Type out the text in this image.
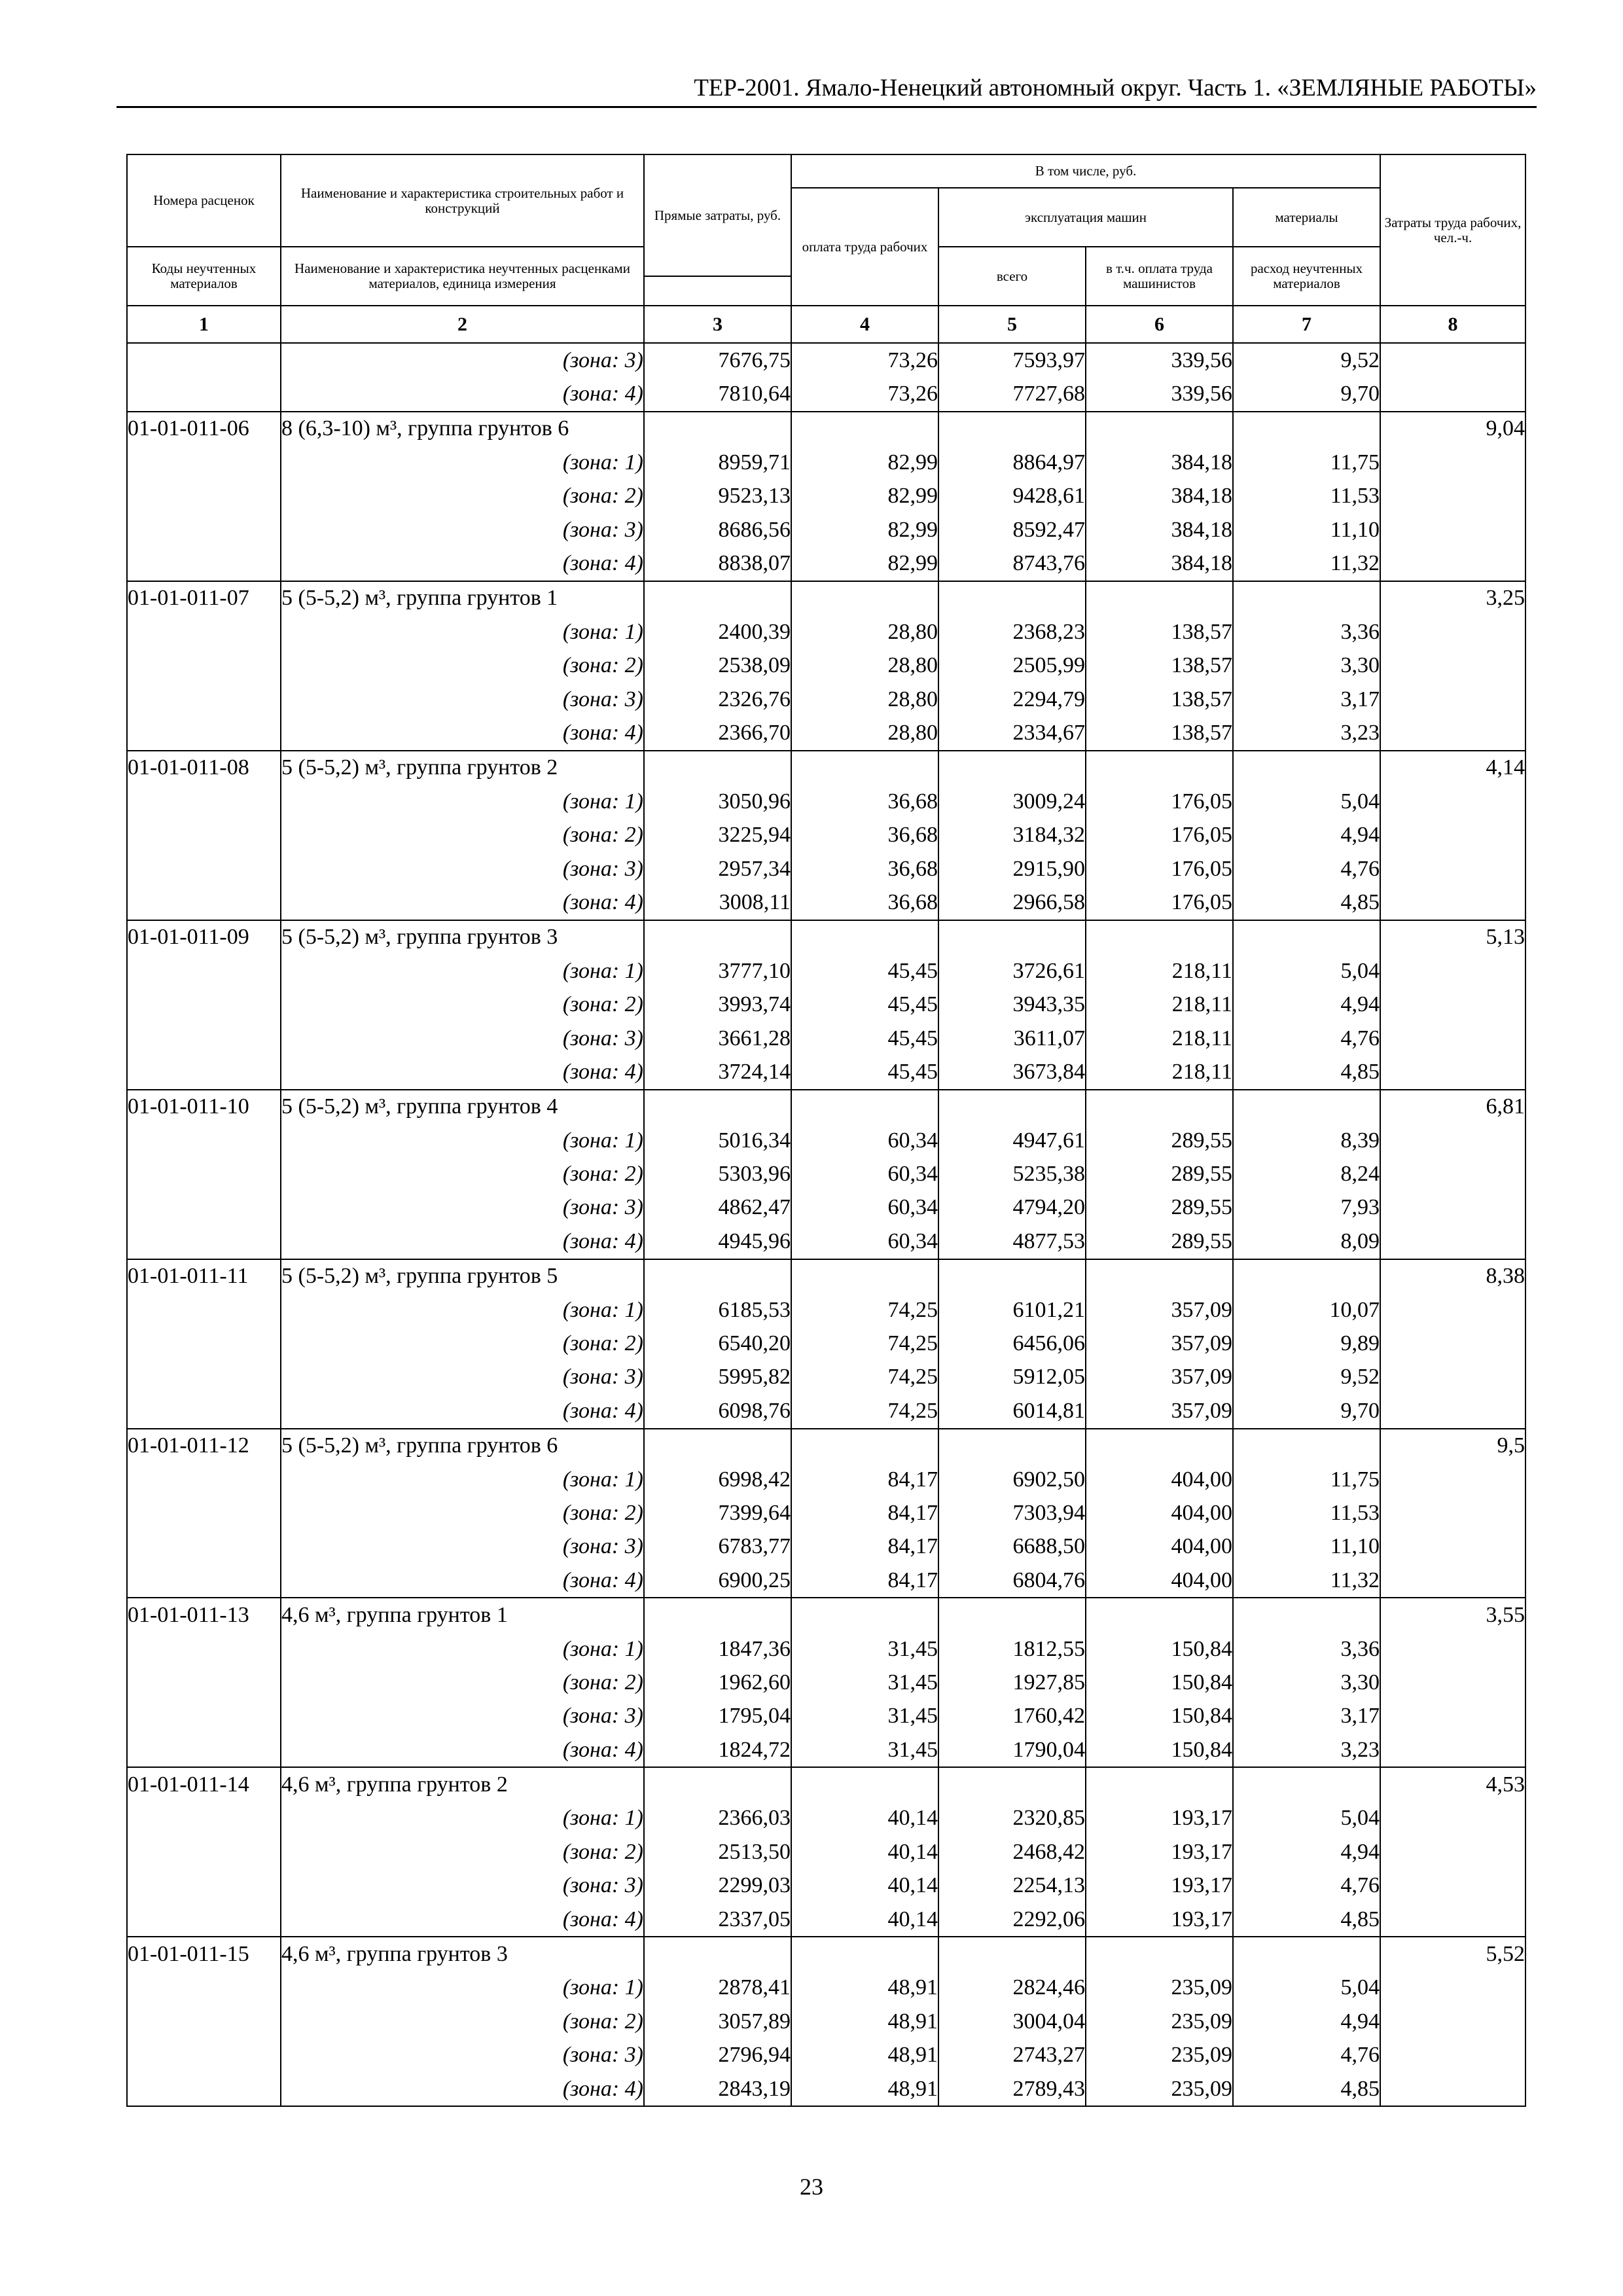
ТЕР-2001. Ямало-Ненецкий автономный округ. Часть 1. «ЗЕМЛЯНЫЕ РАБОТЫ»
Номера расценок	Наименование и характеристика строительных работ и конструкций	Прямые затраты, руб.	В том числе, руб.				Затраты труда рабочих, чел.-ч.
			оплата труда рабочих	эксплуатация машин		материалы	

Коды неучтенных материалов	Наименование и характеристика неучтенных расценками материалов, единица измерения			всего	в т.ч. оплата труда машинистов	расход неучтенных материалов	

1	2	3	4	5	6	7	8
	(зона: 3)	7676,75	73,26	7593,97	339,56	9,52	
	(зона: 4)	7810,64	73,26	7727,68	339,56	9,70	
01-01-011-06	8 (6,3-10) м³, группа грунтов 6						9,04
	(зона: 1)	8959,71	82,99	8864,97	384,18	11,75	
	(зона: 2)	9523,13	82,99	9428,61	384,18	11,53	
	(зона: 3)	8686,56	82,99	8592,47	384,18	11,10	
	(зона: 4)	8838,07	82,99	8743,76	384,18	11,32	
01-01-011-07	5 (5-5,2) м³, группа грунтов 1						3,25
	(зона: 1)	2400,39	28,80	2368,23	138,57	3,36	
	(зона: 2)	2538,09	28,80	2505,99	138,57	3,30	
	(зона: 3)	2326,76	28,80	2294,79	138,57	3,17	
	(зона: 4)	2366,70	28,80	2334,67	138,57	3,23	
01-01-011-08	5 (5-5,2) м³, группа грунтов 2						4,14
	(зона: 1)	3050,96	36,68	3009,24	176,05	5,04	
	(зона: 2)	3225,94	36,68	3184,32	176,05	4,94	
	(зона: 3)	2957,34	36,68	2915,90	176,05	4,76	
	(зона: 4)	3008,11	36,68	2966,58	176,05	4,85	
01-01-011-09	5 (5-5,2) м³, группа грунтов 3						5,13
	(зона: 1)	3777,10	45,45	3726,61	218,11	5,04	
	(зона: 2)	3993,74	45,45	3943,35	218,11	4,94	
	(зона: 3)	3661,28	45,45	3611,07	218,11	4,76	
	(зона: 4)	3724,14	45,45	3673,84	218,11	4,85	
01-01-011-10	5 (5-5,2) м³, группа грунтов 4						6,81
	(зона: 1)	5016,34	60,34	4947,61	289,55	8,39	
	(зона: 2)	5303,96	60,34	5235,38	289,55	8,24	
	(зона: 3)	4862,47	60,34	4794,20	289,55	7,93	
	(зона: 4)	4945,96	60,34	4877,53	289,55	8,09	
01-01-011-11	5 (5-5,2) м³, группа грунтов 5						8,38
	(зона: 1)	6185,53	74,25	6101,21	357,09	10,07	
	(зона: 2)	6540,20	74,25	6456,06	357,09	9,89	
	(зона: 3)	5995,82	74,25	5912,05	357,09	9,52	
	(зона: 4)	6098,76	74,25	6014,81	357,09	9,70	
01-01-011-12	5 (5-5,2) м³, группа грунтов 6						9,5
	(зона: 1)	6998,42	84,17	6902,50	404,00	11,75	
	(зона: 2)	7399,64	84,17	7303,94	404,00	11,53	
	(зона: 3)	6783,77	84,17	6688,50	404,00	11,10	
	(зона: 4)	6900,25	84,17	6804,76	404,00	11,32	
01-01-011-13	4,6 м³, группа грунтов 1						3,55
	(зона: 1)	1847,36	31,45	1812,55	150,84	3,36	
	(зона: 2)	1962,60	31,45	1927,85	150,84	3,30	
	(зона: 3)	1795,04	31,45	1760,42	150,84	3,17	
	(зона: 4)	1824,72	31,45	1790,04	150,84	3,23	
01-01-011-14	4,6 м³, группа грунтов 2						4,53
	(зона: 1)	2366,03	40,14	2320,85	193,17	5,04	
	(зона: 2)	2513,50	40,14	2468,42	193,17	4,94	
	(зона: 3)	2299,03	40,14	2254,13	193,17	4,76	
	(зона: 4)	2337,05	40,14	2292,06	193,17	4,85	
01-01-011-15	4,6 м³, группа грунтов 3						5,52
	(зона: 1)	2878,41	48,91	2824,46	235,09	5,04	
	(зона: 2)	3057,89	48,91	3004,04	235,09	4,94	
	(зона: 3)	2796,94	48,91	2743,27	235,09	4,76	
	(зона: 4)	2843,19	48,91	2789,43	235,09	4,85	
23
